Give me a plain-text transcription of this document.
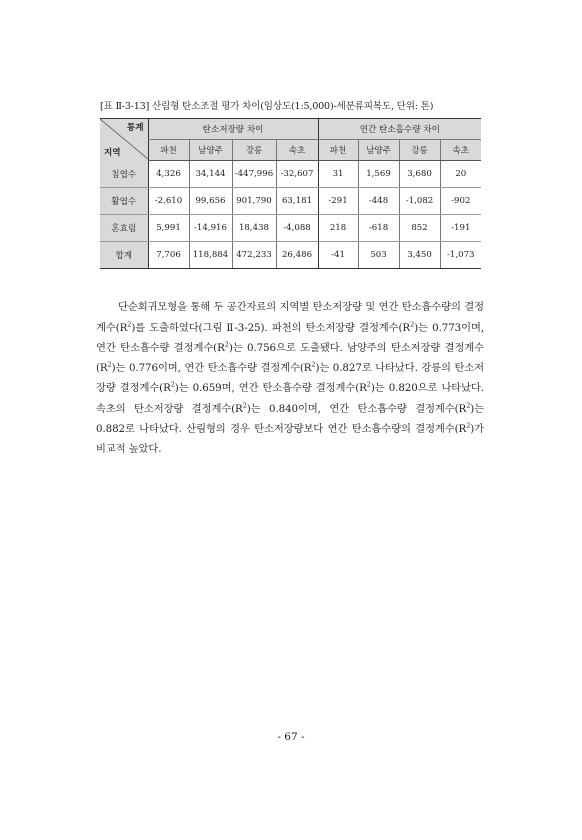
[표 Ⅱ-3-13] 산림형 탄소조절 평가 차이(임상도(1:5,000)-세분류피복도, 단위: 톤)
통계
지역	탄소저장량 차이				연간 탄소흡수량 차이			
	파천	남양주	강릉	속초	파천	남양주	강릉	속초
침엽수	4,326	34,144	-447,996	-32,607	31	1,569	3,680	20
활엽수	-2,610	99,656	901,790	63,181	-291	-448	-1,082	-902
혼효림	5,991	-14,916	18,438	-4,088	218	-618	852	-191
합계	7,706	118,884	472,233	26,486	-41	503	3,450	-1,073

단순회귀모형을 통해 두 공간자료의 지역별 탄소저장량 및 연간 탄소흡수량의 결정계수$(R^2)$를 도출하였다(그림 Ⅱ-3-25). 파천의 탄소저장량 결정계수$(R^2)$는 0.773이며, 연간 탄소흡수량 결정계수$(R^2)$는 0.756으로 도출됐다. 남양주의 탄소저장량 결정계수$(R^2)$는 0.776이며, 연간 탄소흡수량 결정계수$(R^2)$는 0.827로 나타났다. 강릉의 탄소저장량 결정계수$(R^2)$는 0.659며, 연간 탄소흡수량 결정계수$(R^2)$는 0.820으로 나타났다. 속초의 탄소저장량 결정계수$(R^2)$는 0.840이며, 연간 탄소흡수량 결정계수$(R^2)$는 0.882로 나타났다. 산림형의 경우 탄소저장량보다 연간 탄소흡수량의 결정계수$(R^2)$가 비교적 높았다.

- 67 -
